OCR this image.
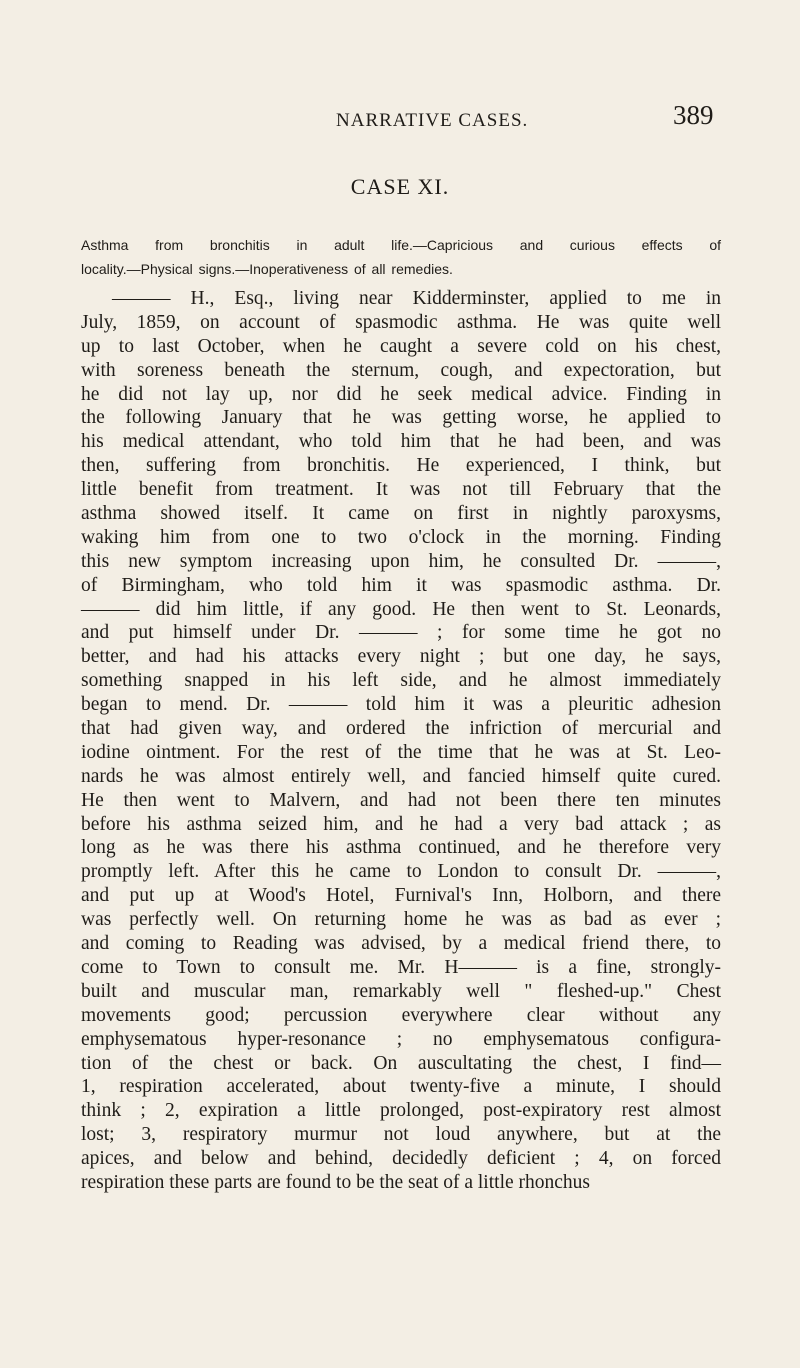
NARRATIVE CASES.	389
CASE XI.
Asthma from bronchitis in adult life.—Capricious and curious effects of
locality.—Physical signs.—Inoperativeness of all remedies.
——— H., Esq., living near Kidderminster, applied to me in
July, 1859, on account of spasmodic asthma. He was quite well
up to last October, when he caught a severe cold on his chest,
with soreness beneath the sternum, cough, and expectoration, but
he did not lay up, nor did he seek medical advice. Finding in
the following January that he was getting worse, he applied to
his medical attendant, who told him that he had been, and was
then, suffering from bronchitis. He experienced, I think, but
little benefit from treatment. It was not till February that the
asthma showed itself. It came on first in nightly paroxysms,
waking him from one to two o'clock in the morning. Finding
this new symptom increasing upon him, he consulted Dr. ———,
of Birmingham, who told him it was spasmodic asthma. Dr.
——— did him little, if any good. He then went to St. Leonards,
and put himself under Dr. ——— ; for some time he got no
better, and had his attacks every night ; but one day, he says,
something snapped in his left side, and he almost immediately
began to mend. Dr. ——— told him it was a pleuritic adhesion
that had given way, and ordered the infriction of mercurial and
iodine ointment. For the rest of the time that he was at St. Leo-
nards he was almost entirely well, and fancied himself quite cured.
He then went to Malvern, and had not been there ten minutes
before his asthma seized him, and he had a very bad attack ; as
long as he was there his asthma continued, and he therefore very
promptly left. After this he came to London to consult Dr. ———,
and put up at Wood's Hotel, Furnival's Inn, Holborn, and there
was perfectly well. On returning home he was as bad as ever ;
and coming to Reading was advised, by a medical friend there, to
come to Town to consult me. Mr. H——— is a fine, strongly-
built and muscular man, remarkably well " fleshed-up." Chest
movements good; percussion everywhere clear without any
emphysematous hyper-resonance ; no emphysematous configura-
tion of the chest or back. On auscultating the chest, I find—
1, respiration accelerated, about twenty-five a minute, I should
think ; 2, expiration a little prolonged, post-expiratory rest almost
lost; 3, respiratory murmur not loud anywhere, but at the
apices, and below and behind, decidedly deficient ; 4, on forced
respiration these parts are found to be the seat of a little rhonchus
